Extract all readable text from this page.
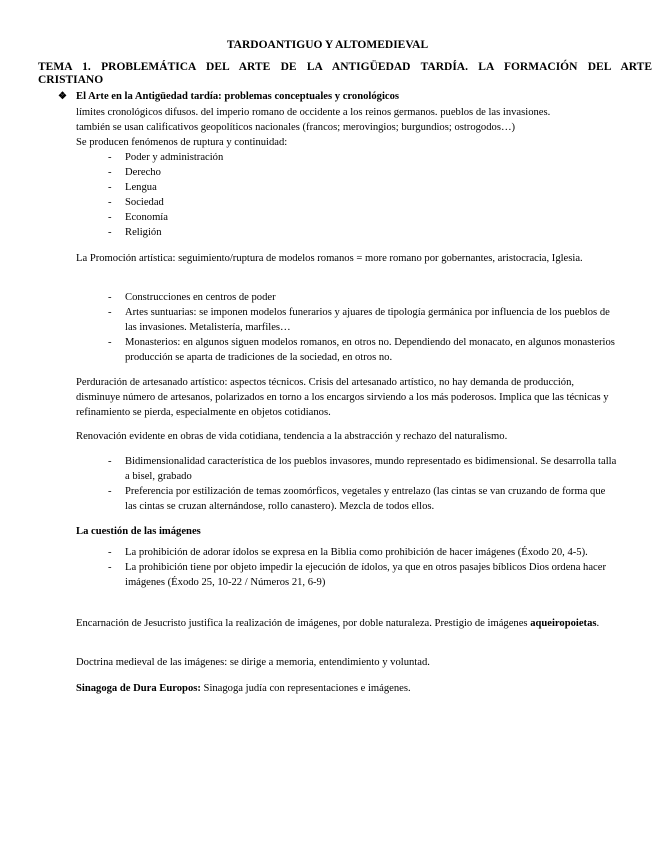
TARDOANTIGUO Y ALTOMEDIEVAL
TEMA 1. PROBLEMÁTICA DEL ARTE DE LA ANTIGÜEDAD TARDÍA. LA FORMACIÓN DEL ARTE
CRISTIANO
❖ El Arte en la Antigüedad tardía: problemas conceptuales y cronológicos
límites cronológicos difusos. del imperio romano de occidente a los reinos germanos. pueblos de las invasiones.
también se usan calificativos geopolíticos nacionales (francos; merovingios; burgundios; ostrogodos…)
Se producen fenómenos de ruptura y continuidad:
- Poder y administración
- Derecho
- Lengua
- Sociedad
- Economía
- Religión
La Promoción artística: seguimiento/ruptura de modelos romanos = more romano por gobernantes, aristocracia, Iglesia.
- Construcciones en centros de poder
- Artes suntuarias: se imponen modelos funerarios y ajuares de tipología germánica por influencia de los pueblos de las invasiones. Metalistería, marfiles…
- Monasterios: en algunos siguen modelos romanos, en otros no. Dependiendo del monacato, en algunos monasterios producción se aparta de tradiciones de la sociedad, en otros no.
Perduración de artesanado artístico: aspectos técnicos. Crisis del artesanado artístico, no hay demanda de producción, disminuye número de artesanos, polarizados en torno a los encargos sirviendo a los más poderosos. Implica que las técnicas y refinamiento se pierda, especialmente en objetos cotidianos.
Renovación evidente en obras de vida cotidiana, tendencia a la abstracción y rechazo del naturalismo.
- Bidimensionalidad característica de los pueblos invasores, mundo representado es bidimensional. Se desarrolla talla a bisel, grabado
- Preferencia por estilización de temas zoomórficos, vegetales y entrelazo (las cintas se van cruzando de forma que las cintas se cruzan alternándose, rollo canastero). Mezcla de todos ellos.
La cuestión de las imágenes
- La prohibición de adorar ídolos se expresa en la Biblia como prohibición de hacer imágenes (Éxodo 20, 4-5).
- La prohibición tiene por objeto impedir la ejecución de ídolos, ya que en otros pasajes bíblicos Dios ordena hacer imágenes (Éxodo 25, 10-22 / Números 21, 6-9)
Encarnación de Jesucristo justifica la realización de imágenes, por doble naturaleza. Prestigio de imágenes aqueiropoietas.
Doctrina medieval de las imágenes: se dirige a memoria, entendimiento y voluntad.
Sinagoga de Dura Europos: Sinagoga judía con representaciones e imágenes.
